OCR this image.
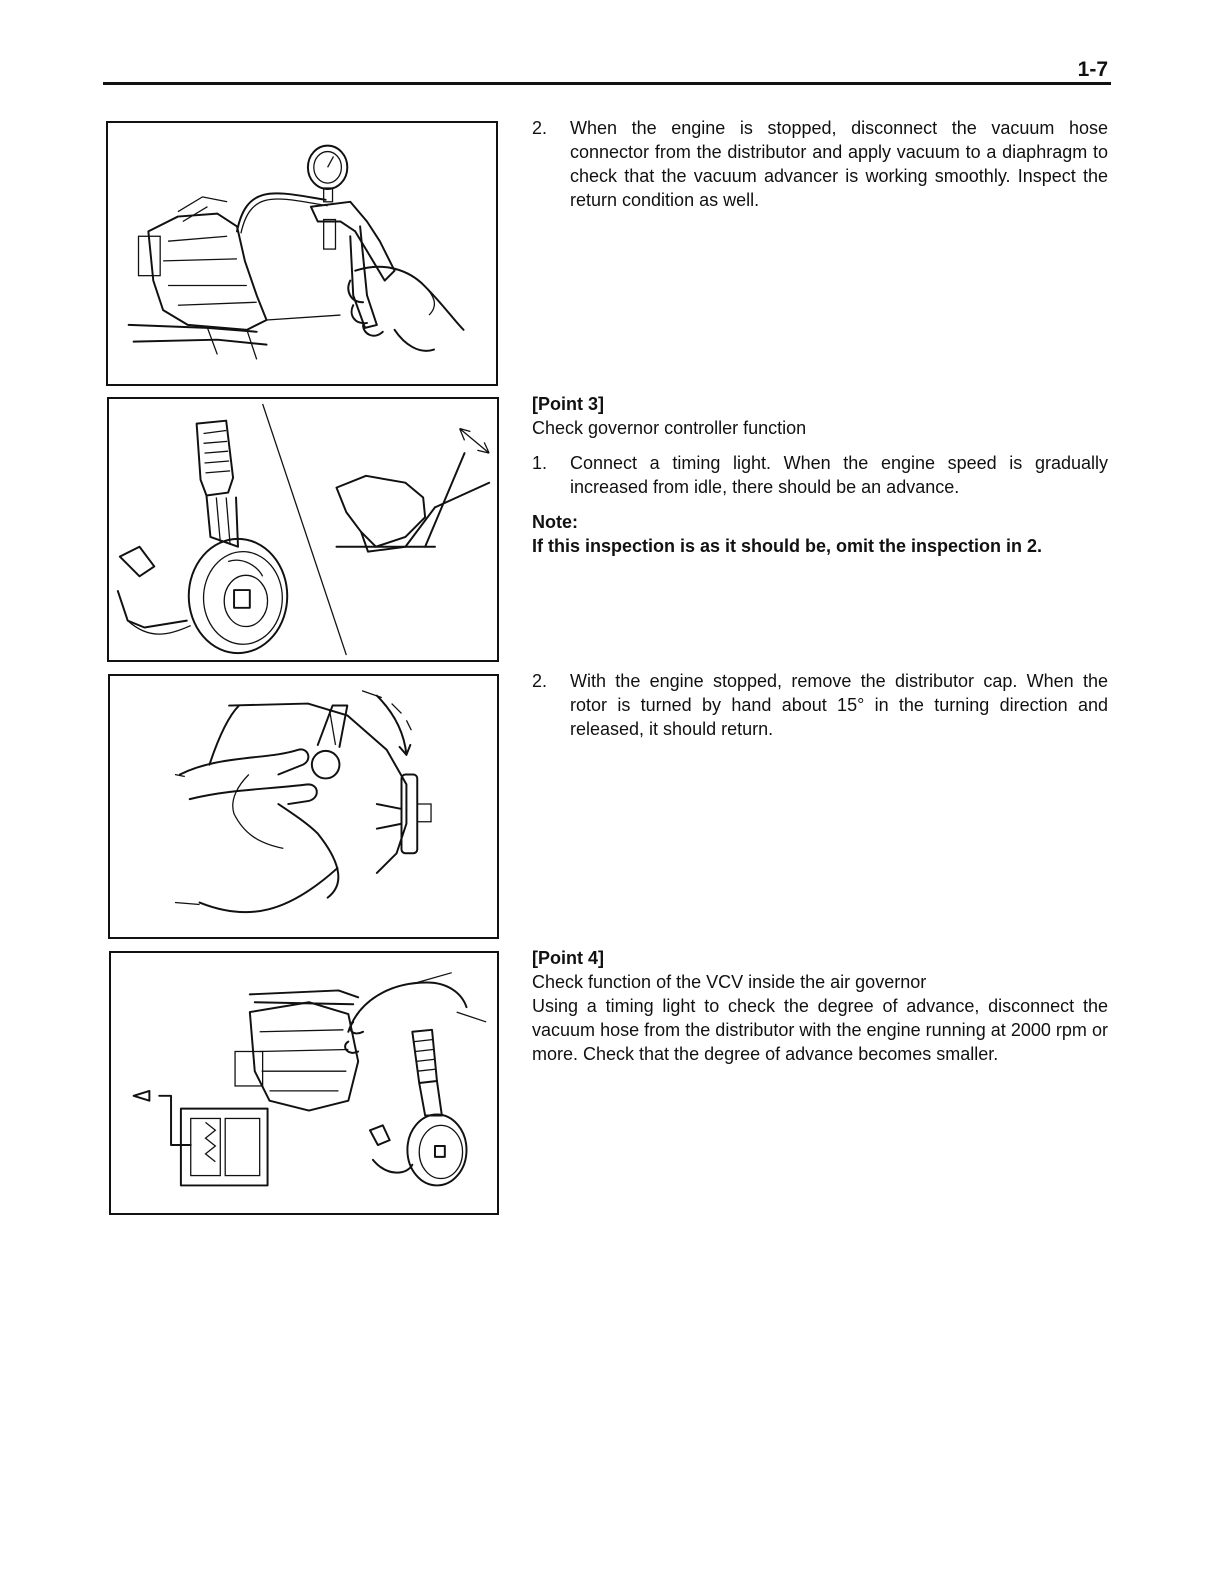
1-7
2.	When the engine is stopped, disconnect the vacuum hose connector from the distributor and apply vacuum to a diaphragm to check that the vacuum advancer is working smoothly. Inspect the return condition as well.
[Point 3]
Check governor controller function
1.	Connect a timing light. When the engine speed is gradually increased from idle, there should be an advance.
Note:
If this inspection is as it should be, omit the inspection in 2.
2.	With the engine stopped, remove the distributor cap. When the rotor is turned by hand about 15° in the turning direction and released, it should return.
[Point 4]
Check function of the VCV inside the air governor
Using a timing light to check the degree of advance, disconnect the vacuum hose from the distributor with the engine running at 2000 rpm or more. Check that the degree of advance becomes smaller.
